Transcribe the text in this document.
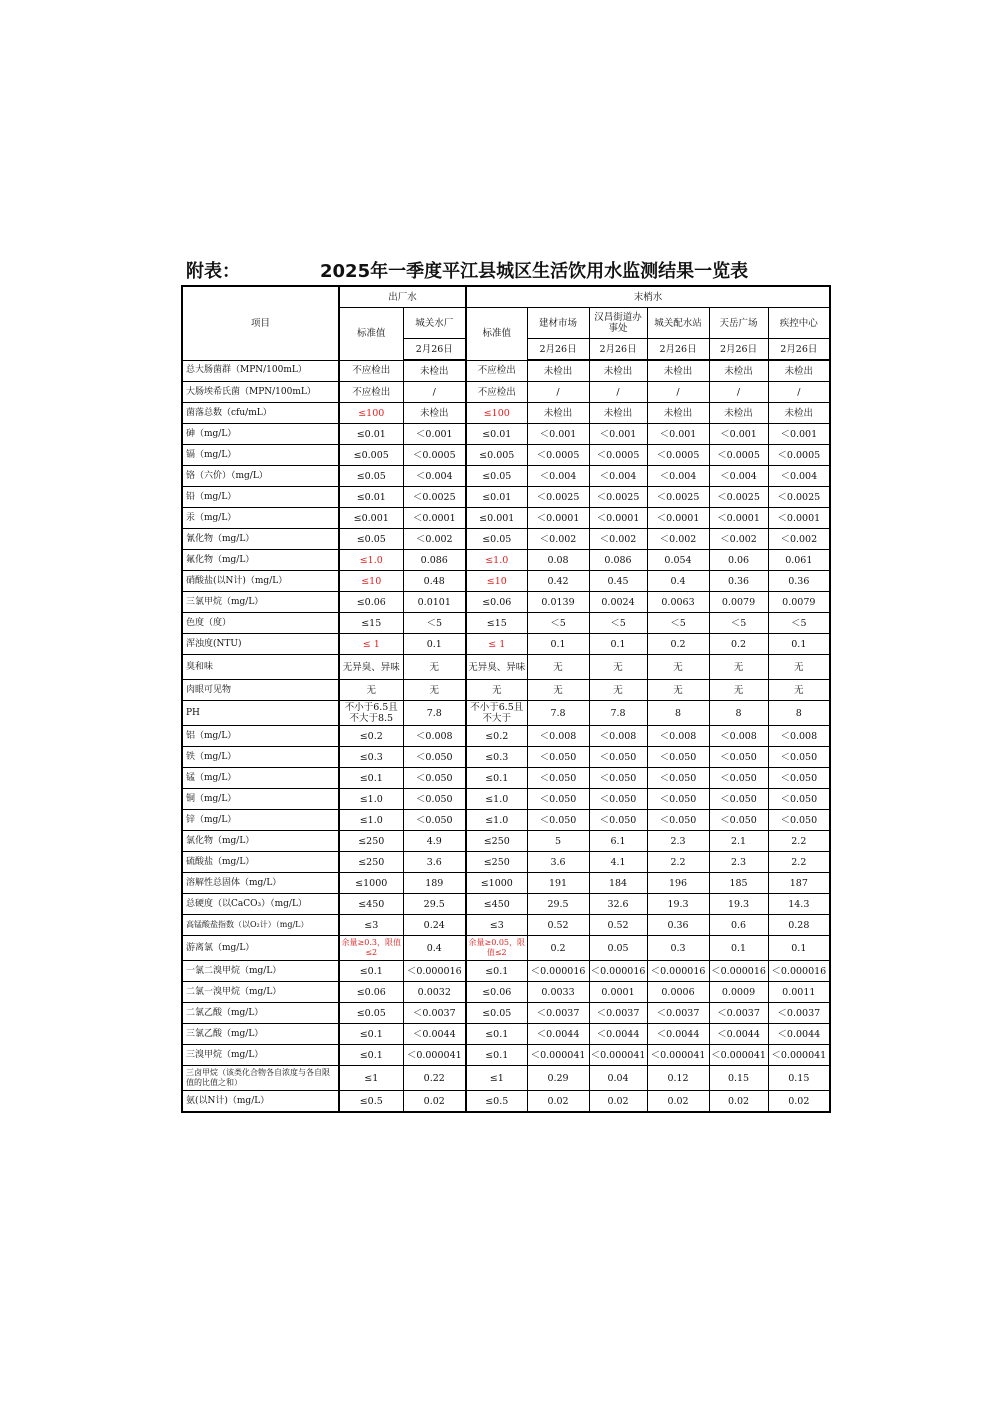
附表：	2025年一季度平江县城区生活饮用水监测结果一览表
项目	出厂水		末梢水					
	标准值	城关水厂	标准值	建材市场	汉昌街道办事处	城关配水站	天岳广场	疾控中心
		2月26日		2月26日	2月26日	2月26日	2月26日	2月26日
总大肠菌群（MPN/100mL）	不应检出	未检出	不应检出	未检出	未检出	未检出	未检出	未检出
大肠埃希氏菌（MPN/100mL）	不应检出	/	不应检出	/	/	/	/	/
菌落总数（cfu/mL）	≤100	未检出	≤100	未检出	未检出	未检出	未检出	未检出
砷（mg/L）	≤0.01	＜0.001	≤0.01	＜0.001	＜0.001	＜0.001	＜0.001	＜0.001
镉（mg/L）	≤0.005	＜0.0005	≤0.005	＜0.0005	＜0.0005	＜0.0005	＜0.0005	＜0.0005
铬（六价）（mg/L）	≤0.05	＜0.004	≤0.05	＜0.004	＜0.004	＜0.004	＜0.004	＜0.004
铅（mg/L）	≤0.01	＜0.0025	≤0.01	＜0.0025	＜0.0025	＜0.0025	＜0.0025	＜0.0025
汞（mg/L）	≤0.001	＜0.0001	≤0.001	＜0.0001	＜0.0001	＜0.0001	＜0.0001	＜0.0001
氰化物（mg/L）	≤0.05	＜0.002	≤0.05	＜0.002	＜0.002	＜0.002	＜0.002	＜0.002
氟化物（mg/L）	≤1.0	0.086	≤1.0	0.08	0.086	0.054	0.06	0.061
硝酸盐(以N计)（mg/L）	≤10	0.48	≤10	0.42	0.45	0.4	0.36	0.36
三氯甲烷（mg/L）	≤0.06	0.0101	≤0.06	0.0139	0.0024	0.0063	0.0079	0.0079
色度（度）	≤15	＜5	≤15	＜5	＜5	＜5	＜5	＜5
浑浊度(NTU)	≤ 1	0.1	≤ 1	0.1	0.1	0.2	0.2	0.1
臭和味	无异臭、异味	无	无异臭、异味	无	无	无	无	无
肉眼可见物	无	无	无	无	无	无	无	无
PH	不小于6.5且不大于8.5	7.8	不小于6.5且不大于	7.8	7.8	8	8	8
铝（mg/L）	≤0.2	＜0.008	≤0.2	＜0.008	＜0.008	＜0.008	＜0.008	＜0.008
铁（mg/L）	≤0.3	＜0.050	≤0.3	＜0.050	＜0.050	＜0.050	＜0.050	＜0.050
锰（mg/L）	≤0.1	＜0.050	≤0.1	＜0.050	＜0.050	＜0.050	＜0.050	＜0.050
铜（mg/L）	≤1.0	＜0.050	≤1.0	＜0.050	＜0.050	＜0.050	＜0.050	＜0.050
锌（mg/L）	≤1.0	＜0.050	≤1.0	＜0.050	＜0.050	＜0.050	＜0.050	＜0.050
氯化物（mg/L）	≤250	4.9	≤250	5	6.1	2.3	2.1	2.2
硫酸盐（mg/L）	≤250	3.6	≤250	3.6	4.1	2.2	2.3	2.2
溶解性总固体（mg/L）	≤1000	189	≤1000	191	184	196	185	187
总硬度（以CaCO₃）（mg/L）	≤450	29.5	≤450	29.5	32.6	19.3	19.3	14.3
高锰酸盐指数（以O₂计）（mg/L）	≤3	0.24	≤3	0.52	0.52	0.36	0.6	0.28
游离氯（mg/L）	余量≥0.3，限值≤2	0.4	余量≥0.05，限值≤2	0.2	0.05	0.3	0.1	0.1
一氯二溴甲烷（mg/L）	≤0.1	＜0.000016	≤0.1	＜0.000016	＜0.000016	＜0.000016	＜0.000016	＜0.000016
二氯一溴甲烷（mg/L）	≤0.06	0.0032	≤0.06	0.0033	0.0001	0.0006	0.0009	0.0011
二氯乙酸（mg/L）	≤0.05	＜0.0037	≤0.05	＜0.0037	＜0.0037	＜0.0037	＜0.0037	＜0.0037
三氯乙酸（mg/L）	≤0.1	＜0.0044	≤0.1	＜0.0044	＜0.0044	＜0.0044	＜0.0044	＜0.0044
三溴甲烷（mg/L）	≤0.1	＜0.000041	≤0.1	＜0.000041	＜0.000041	＜0.000041	＜0.000041	＜0.000041
三卤甲烷（该类化合物各自浓度与各自限值的比值之和）	≤1	0.22	≤1	0.29	0.04	0.12	0.15	0.15
氨(以N计)（mg/L）	≤0.5	0.02	≤0.5	0.02	0.02	0.02	0.02	0.02
